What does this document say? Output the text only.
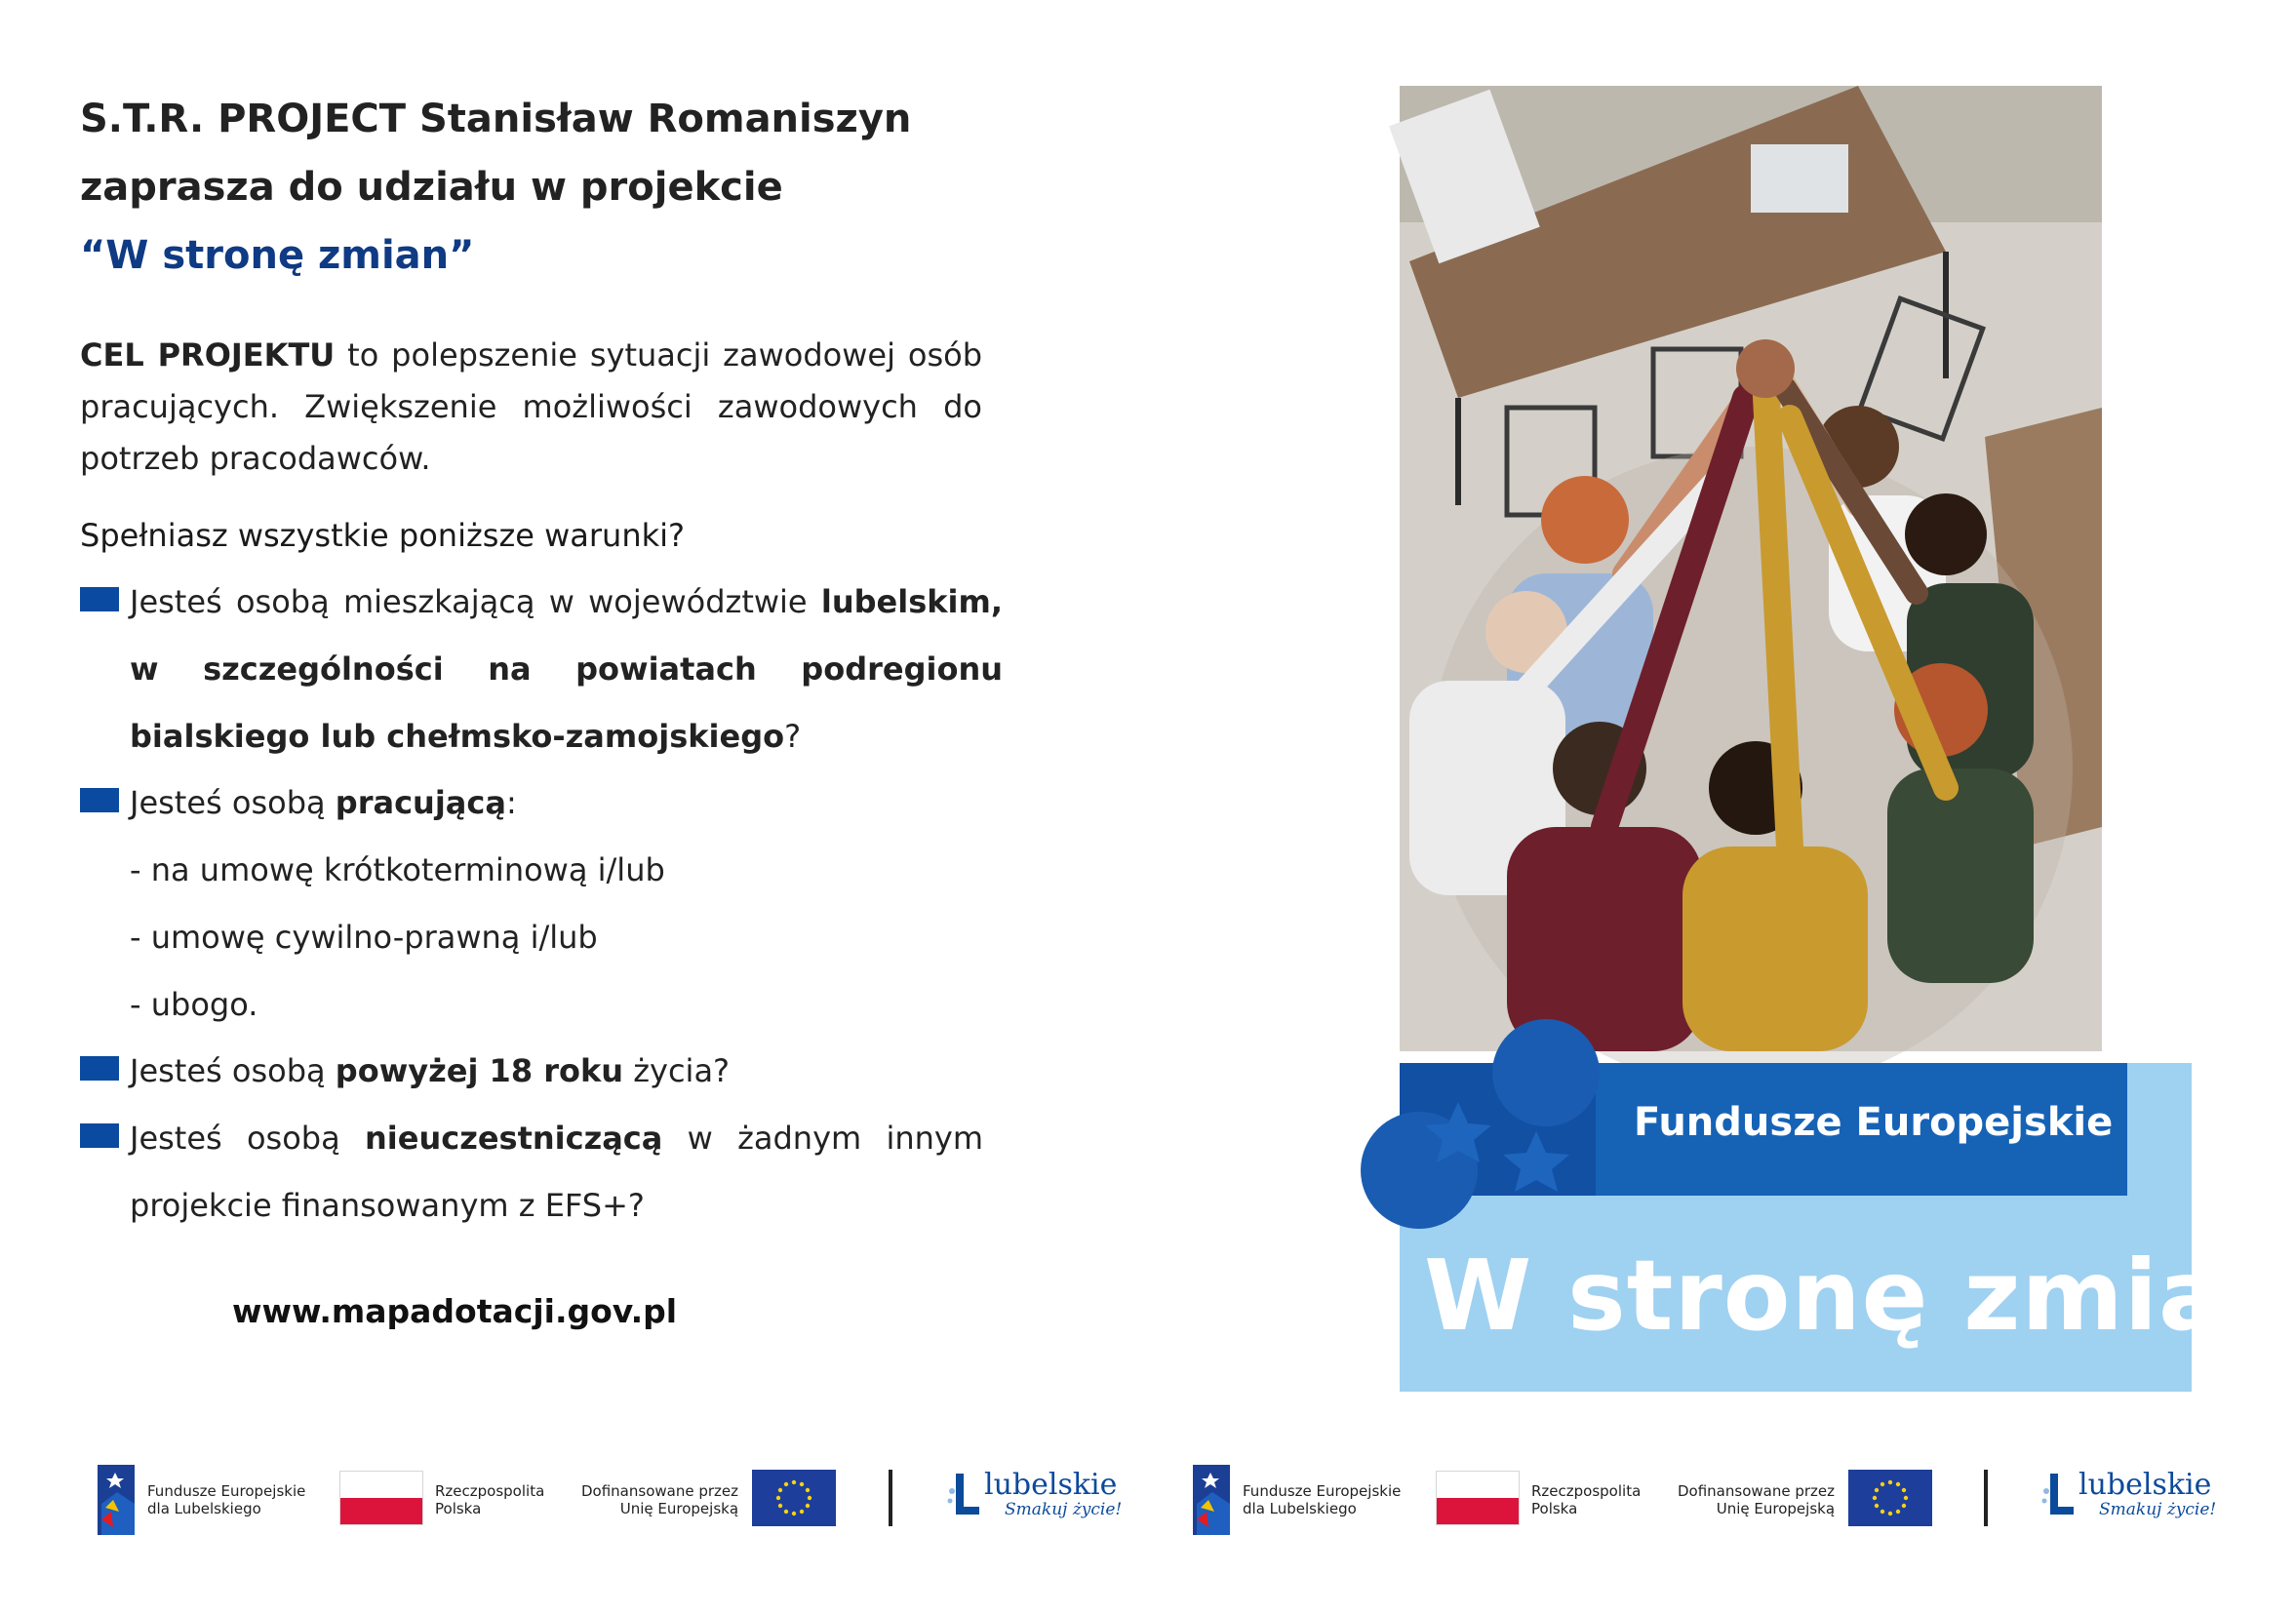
S.T.R. PROJECT Stanisław Romaniszyn
zaprasza do udziału w projekcie
“W stronę zmian”
CEL PROJEKTU to polepszenie sytuacji zawodowej osób pracujących. Zwiększenie możliwości zawodowych do potrzeb pracodawców.
Spełniasz wszystkie poniższe warunki?
Jesteś osobą mieszkającą w województwie lubelskim, w szczególności na powiatach podregionu bialskiego lub chełmsko-zamojskiego?
Jesteś osobą pracującą:
- na umowę krótkoterminową i/lub
- umowę cywilno-prawną i/lub
- ubogo.
Jesteś osobą powyżej 18 roku życia?
Jesteś osobą nieuczestniczącą w żadnym innym projekcie finansowanym z EFS+?
www.mapadotacji.gov.pl
Fundusze Europejskie
W stronę zmian
Fundusze Europejskie
dla Lubelskiego
Rzeczpospolita
Polska
Dofinansowane przez
Unię Europejską
lubelskie
Smakuj życie!
Fundusze Europejskie
dla Lubelskiego
Rzeczpospolita
Polska
Dofinansowane przez
Unię Europejską
lubelskie
Smakuj życie!
